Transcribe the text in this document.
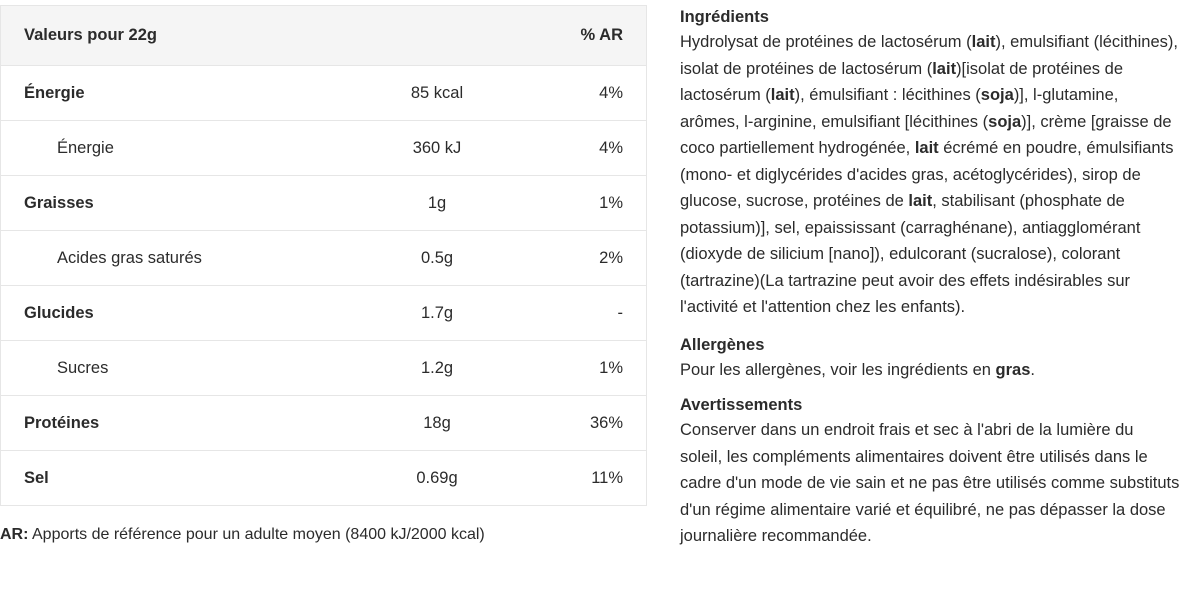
Valeurs pour 22g		% AR
Énergie	85 kcal	4%
Énergie	360 kJ	4%
Graisses	1g	1%
Acides gras saturés	0.5g	2%
Glucides	1.7g	-
Sucres	1.2g	1%
Protéines	18g	36%
Sel	0.69g	11%
AR: Apports de référence pour un adulte moyen (8400 kJ/2000 kcal)
Ingrédients

Hydrolysat de protéines de lactosérum (lait), emulsifiant (lécithines), isolat de protéines de lactosérum (lait)[isolat de protéines de lactosérum (lait), émulsifiant : lécithines (soja)], l-glutamine, arômes, l-arginine, emulsifiant [lécithines (soja)], crème [graisse de coco partiellement hydrogénée, lait écrémé en poudre, émulsifiants (mono- et diglycérides d'acides gras, acétoglycérides), sirop de glucose, sucrose, protéines de lait, stabilisant (phosphate de potassium)], sel, epaississant (carraghénane), antiagglomérant (dioxyde de silicium [nano]), edulcorant (sucralose), colorant (tartrazine)(La tartrazine peut avoir des effets indésirables sur l'activité et l'attention chez les enfants).

Allergènes

Pour les allergènes, voir les ingrédients en gras.

Avertissements

Conserver dans un endroit frais et sec à l'abri de la lumière du soleil, les compléments alimentaires doivent être utilisés dans le cadre d'un mode de vie sain et ne pas être utilisés comme substituts d'un régime alimentaire varié et équilibré, ne pas dépasser la dose journalière recommandée.
